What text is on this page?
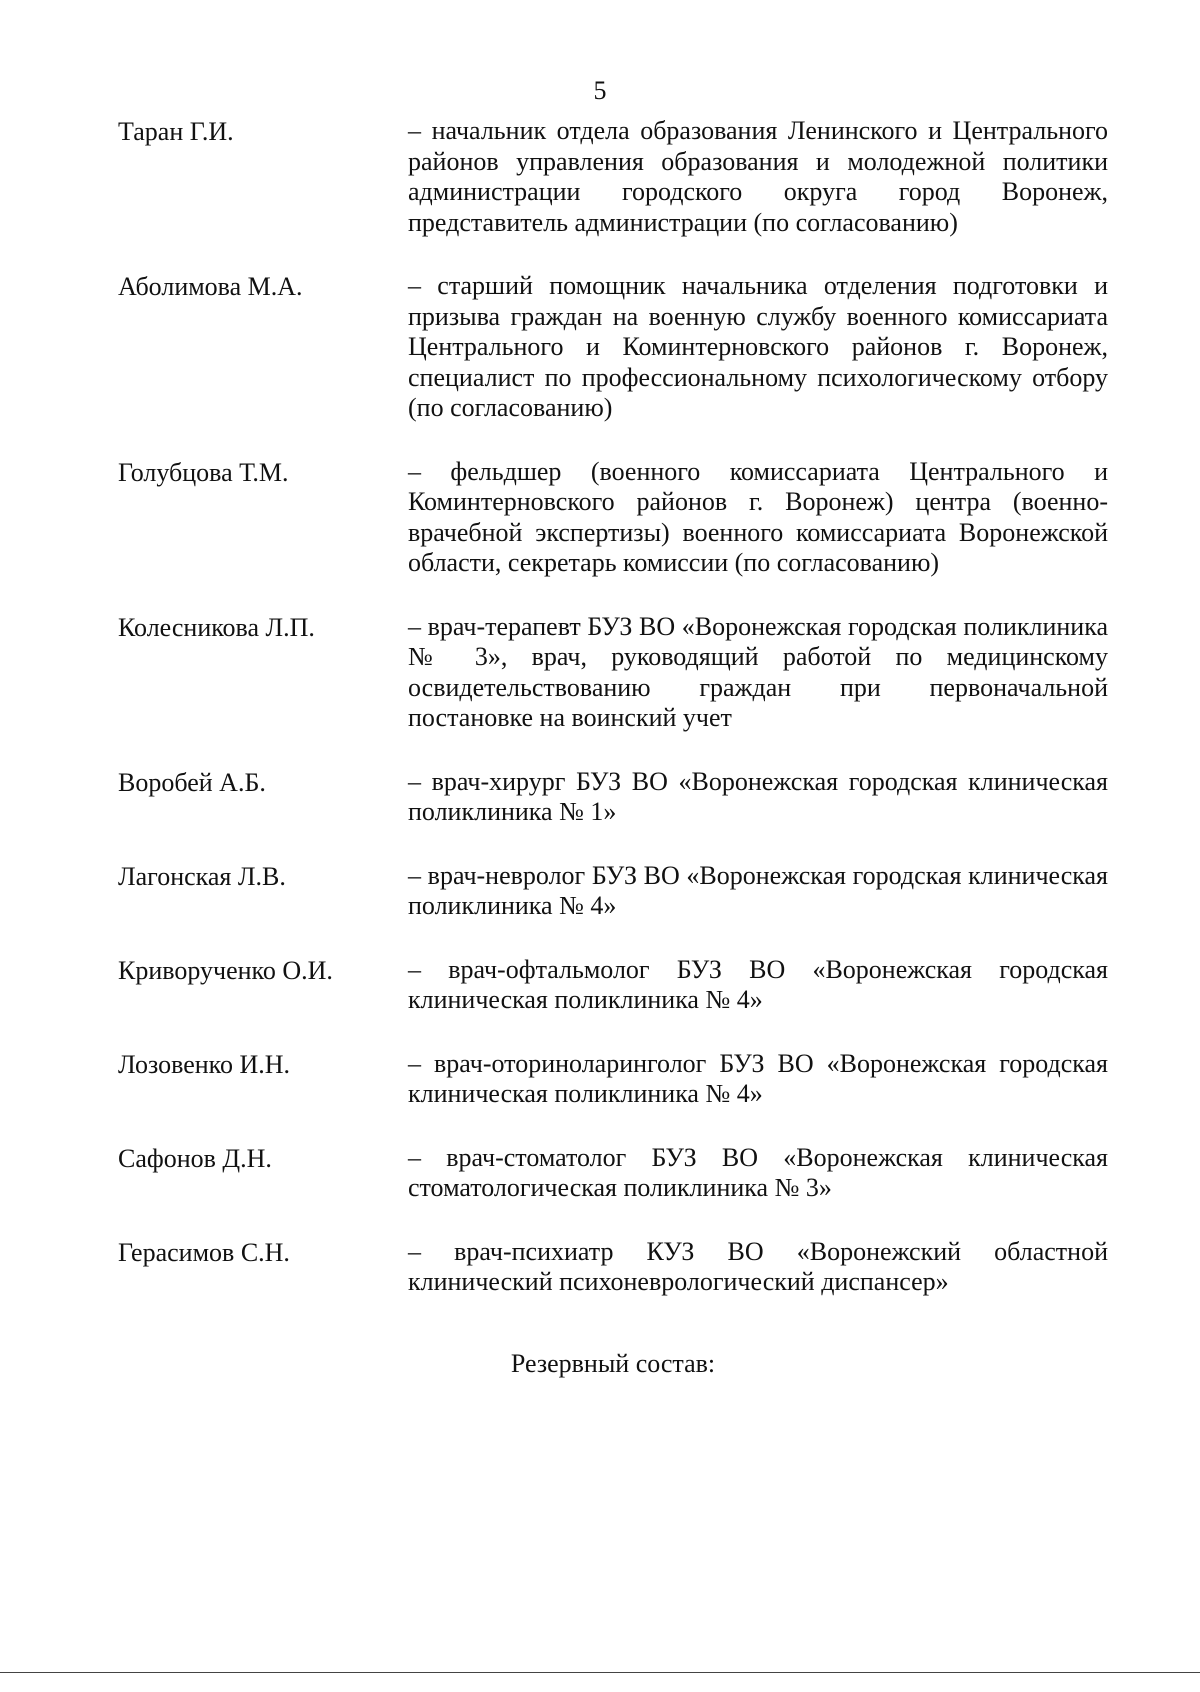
5
Таран Г.И.	– начальник отдела образования Ленинского и Центрального районов управления образования и молодежной политики администрации городского округа город Воронеж, представитель администрации (по согласованию)
Аболимова М.А.	– старший помощник начальника отделения подготовки и призыва граждан на военную службу военного комиссариата Центрального и Коминтерновского районов г. Воронеж, специалист по профессиональному психологическому отбору (по согласованию)
Голубцова Т.М.	– фельдшер (военного комиссариата Центрального и Коминтерновского районов г. Воронеж) центра (военно-врачебной экспертизы) военного комиссариата Воронежской области, секретарь комиссии (по согласованию)
Колесникова Л.П.	– врач-терапевт БУЗ ВО «Воронежская городская поликлиника № 3», врач, руководящий работой по медицинскому освидетельствованию граждан при первоначальной постановке на воинский учет
Воробей А.Б.	– врач-хирург БУЗ ВО «Воронежская городская клиническая поликлиника № 1»
Лагонская Л.В.	– врач-невролог БУЗ ВО «Воронежская городская клиническая поликлиника № 4»
Криворученко О.И.	– врач-офтальмолог БУЗ ВО «Воронежская городская клиническая поликлиника № 4»
Лозовенко И.Н.	– врач-оториноларинголог БУЗ ВО «Воронежская городская клиническая поликлиника № 4»
Сафонов Д.Н.	– врач-стоматолог БУЗ ВО «Воронежская клиническая стоматологическая поликлиника № 3»
Герасимов С.Н.	– врач-психиатр КУЗ ВО «Воронежский областной клинический психоневрологический диспансер»
Резервный состав:
